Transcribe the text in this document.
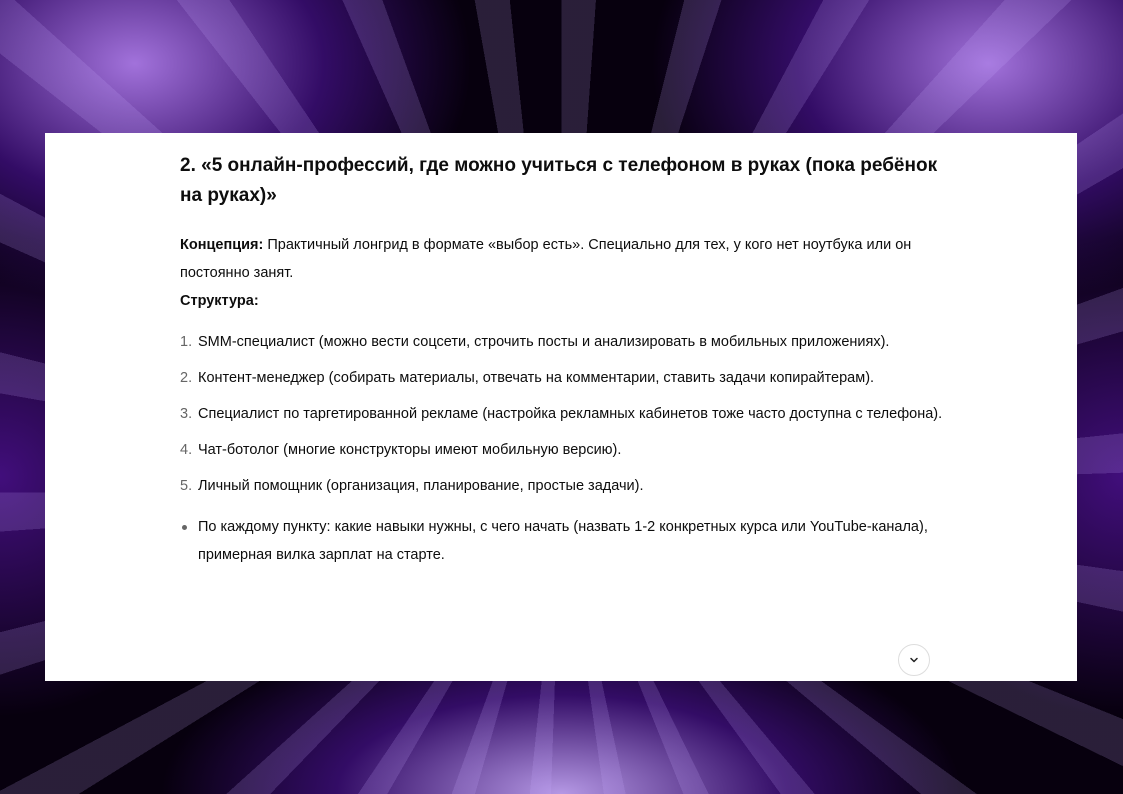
2. «5 онлайн-профессий, где можно учиться с телефоном в руках (пока ребёнок на руках)»

Концепция: Практичный лонгрид в формате «выбор есть». Специально для тех, у кого нет ноутбука или он постоянно занят.

Структура:

1. SMM-специалист (можно вести соцсети, строчить посты и анализировать в мобильных приложениях).
2. Контент-менеджер (собирать материалы, отвечать на комментарии, ставить задачи копирайтерам).
3. Специалист по таргетированной рекламе (настройка рекламных кабинетов тоже часто доступна с телефона).
4. Чат-ботолог (многие конструкторы имеют мобильную версию).
5. Личный помощник (организация, планирование, простые задачи).
По каждому пункту: какие навыки нужны, с чего начать (назвать 1-2 конкретных курса или YouTube-канала), примерная вилка зарплат на старте.
